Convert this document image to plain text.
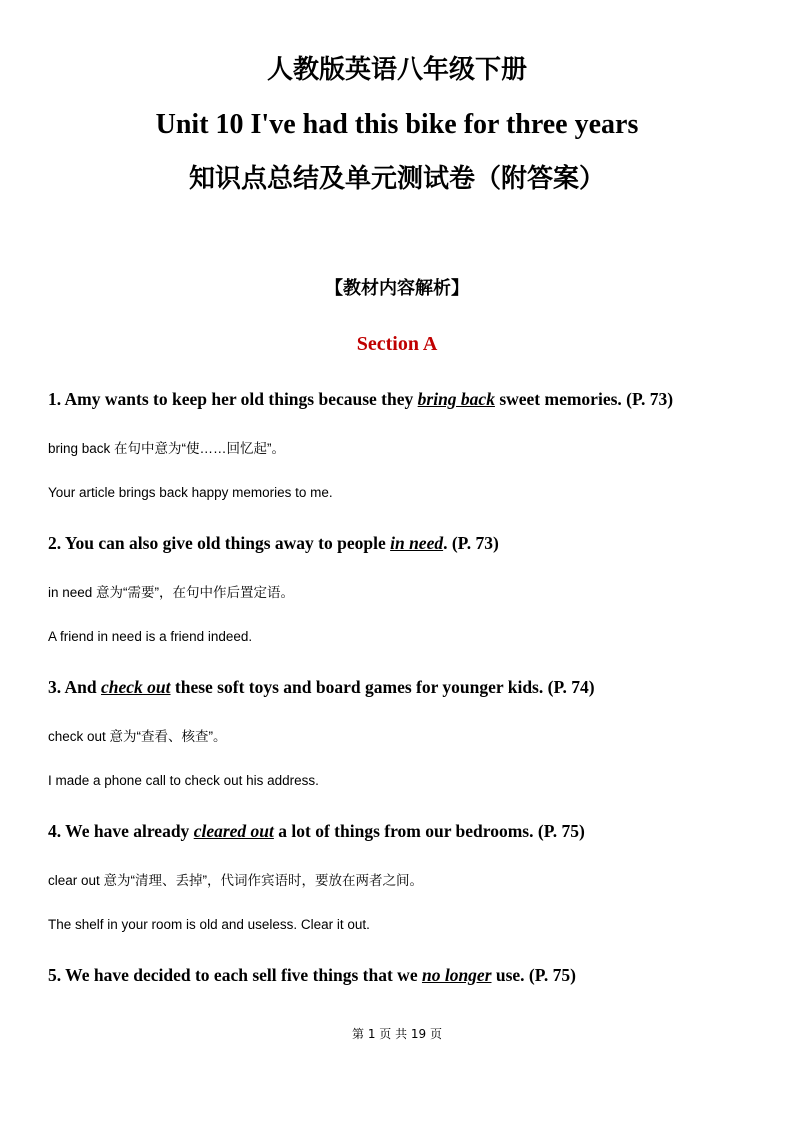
人教版英语八年级下册
Unit 10 I've had this bike for three years
知识点总结及单元测试卷（附答案）
【教材内容解析】
Section A
1. Amy wants to keep her old things because they bring back sweet memories. (P. 73)
bring back 在句中意为“使……回忆起”。
Your article brings back happy memories to me.
2. You can also give old things away to people in need. (P. 73)
in need 意为“需要”，在句中作后置定语。
A friend in need is a friend indeed.
3. And check out these soft toys and board games for younger kids. (P. 74)
check out 意为“查看、核查”。
I made a phone call to check out his address.
4. We have already cleared out a lot of things from our bedrooms. (P. 75)
clear out 意为“清理、丢掉”，代词作宾语时，要放在两者之间。
The shelf in your room is old and useless. Clear it out.
5. We have decided to each sell five things that we no longer use. (P. 75)
第 1 页 共 19 页
